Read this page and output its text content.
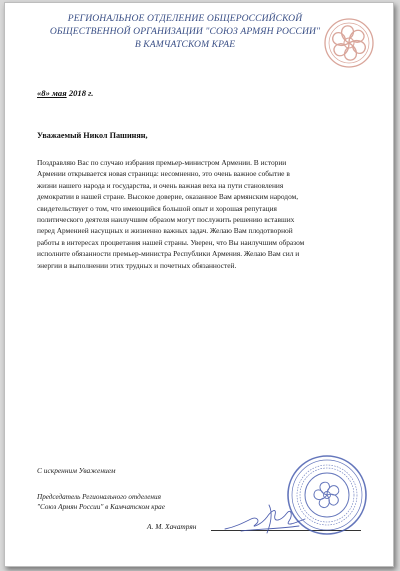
РЕГИОНАЛЬНОЕ ОТДЕЛЕНИЕ ОБЩЕРОССИЙСКОЙ
ОБЩЕСТВЕННОЙ ОРГАНИЗАЦИИ "СОЮЗ АРМЯН РОССИИ"
В КАМЧАТСКОМ КРАЕ
«8» мая 2018 г.
Уважаемый Никол Пашинян,
Поздравляю Вас по случаю избрания премьер-министром Армении. В истории
Армении открывается новая страница: несомненно, это очень важное событие в
жизни нашего народа и государства, и очень важная веха на пути становления
демократии в нашей стране. Высокое доверие, оказанное Вам армянским народом,
свидетельствует о том, что имеющийся большой опыт и хорошая репутация
политического деятеля наилучшим образом могут послужить решению вставших
перед Арменией насущных и жизненно важных задач. Желаю Вам плодотворной
работы в интересах процветания нашей страны. Уверен, что Вы наилучшим образом
исполните обязанности премьер-министра Республики Армения. Желаю Вам сил и
энергии в выполнении этих трудных и почетных обязанностей.
С искренним Уважением
Председатель Регионального отделения
"Союз Армян России" в Камчатском крае
А. М. Хачатрян
